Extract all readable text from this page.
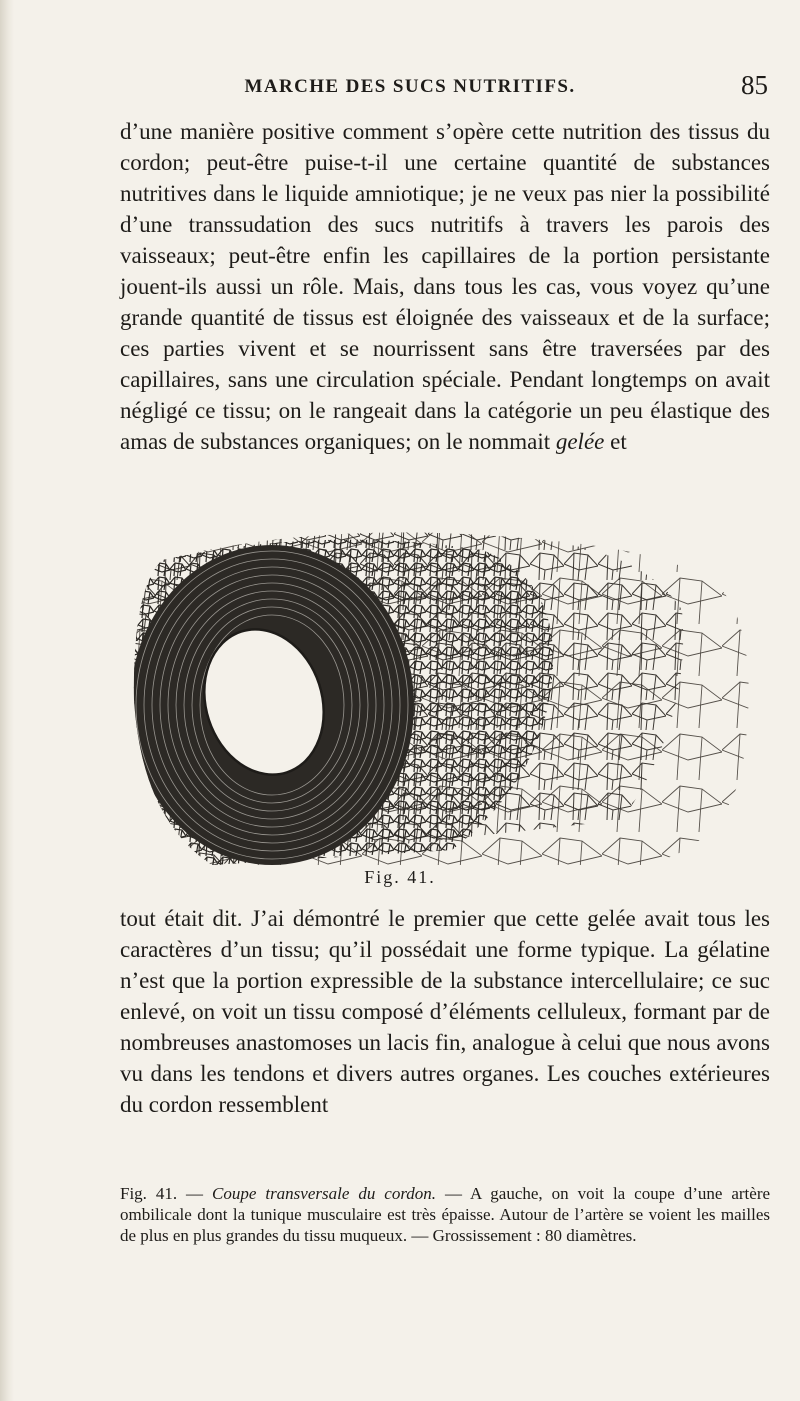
MARCHE DES SUCS NUTRITIFS.	85

d’une manière positive comment s’opère cette nutrition des tissus du cordon; peut-être puise-t-il une certaine quantité de substances nutritives dans le liquide amniotique; je ne veux pas nier la possibilité d’une transsudation des sucs nutritifs à travers les parois des vaisseaux; peut-être enfin les capillaires de la portion persistante jouent-ils aussi un rôle. Mais, dans tous les cas, vous voyez qu’une grande quantité de tissus est éloignée des vaisseaux et de la surface; ces parties vivent et se nourrissent sans être traversées par des capillaires, sans une circulation spéciale. Pendant longtemps on avait négligé ce tissu; on le rangeait dans la catégorie un peu élastique des amas de substances organiques; on le nommait gelée et

Fig. 41.

tout était dit. J’ai démontré le premier que cette gelée avait tous les caractères d’un tissu; qu’il possédait une forme typique. La gélatine n’est que la portion expressible de la substance intercellulaire; ce suc enlevé, on voit un tissu composé d’éléments celluleux, formant par de nombreuses anastomoses un lacis fin, analogue à celui que nous avons vu dans les tendons et divers autres organes. Les couches extérieures du cordon ressemblent

Fig. 41. — Coupe transversale du cordon. — A gauche, on voit la coupe d’une artère ombilicale dont la tunique musculaire est très épaisse. Autour de l’artère se voient les mailles de plus en plus grandes du tissu muqueux. — Grossissement : 80 diamètres.
